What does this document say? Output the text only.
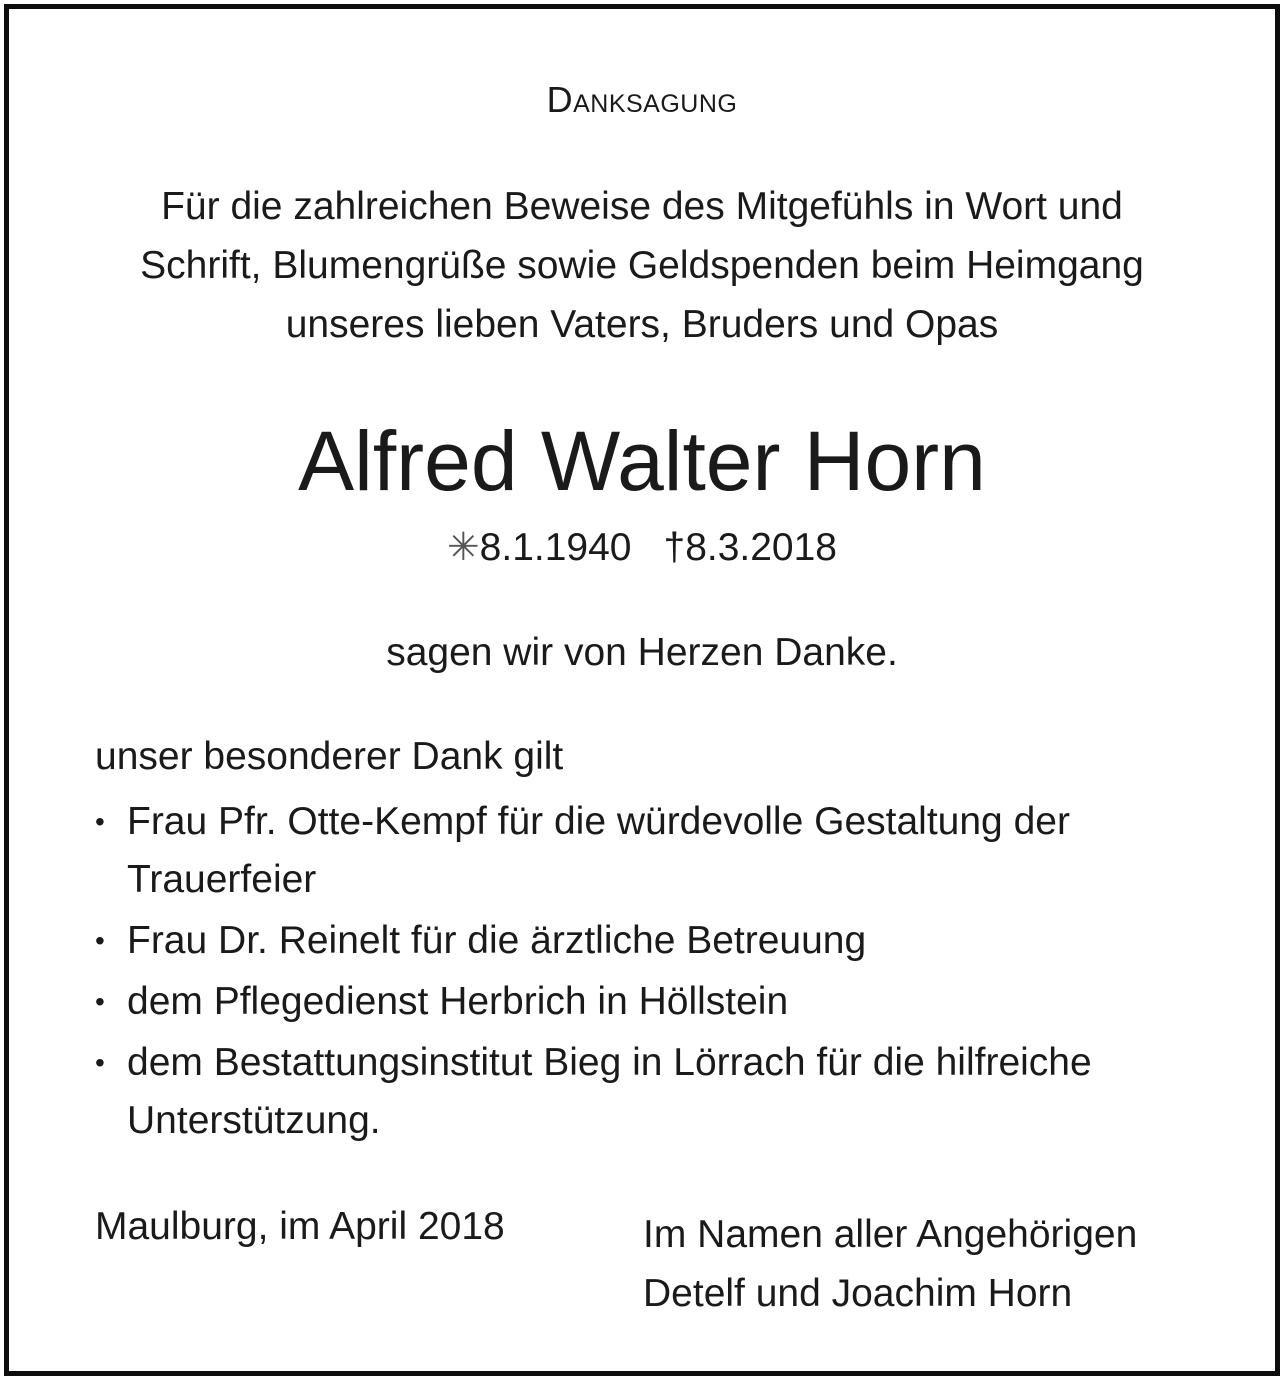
Danksagung
Für die zahlreichen Beweise des Mitgefühls in Wort und
Schrift, Blumengrüße sowie Geldspenden beim Heimgang
unseres lieben Vaters, Bruders und Opas
Alfred Walter Horn
✳8.1.1940 †8.3.2018
sagen wir von Herzen Danke.
unser besonderer Dank gilt
• Frau Pfr. Otte-Kempf für die würdevolle Gestaltung der Trauerfeier
• Frau Dr. Reinelt für die ärztliche Betreuung
• dem Pflegedienst Herbrich in Höllstein
• dem Bestattungsinstitut Bieg in Lörrach für die hilfreiche Unterstützung.
Maulburg, im April 2018	Im Namen aller Angehörigen
Detelf und Joachim Horn
